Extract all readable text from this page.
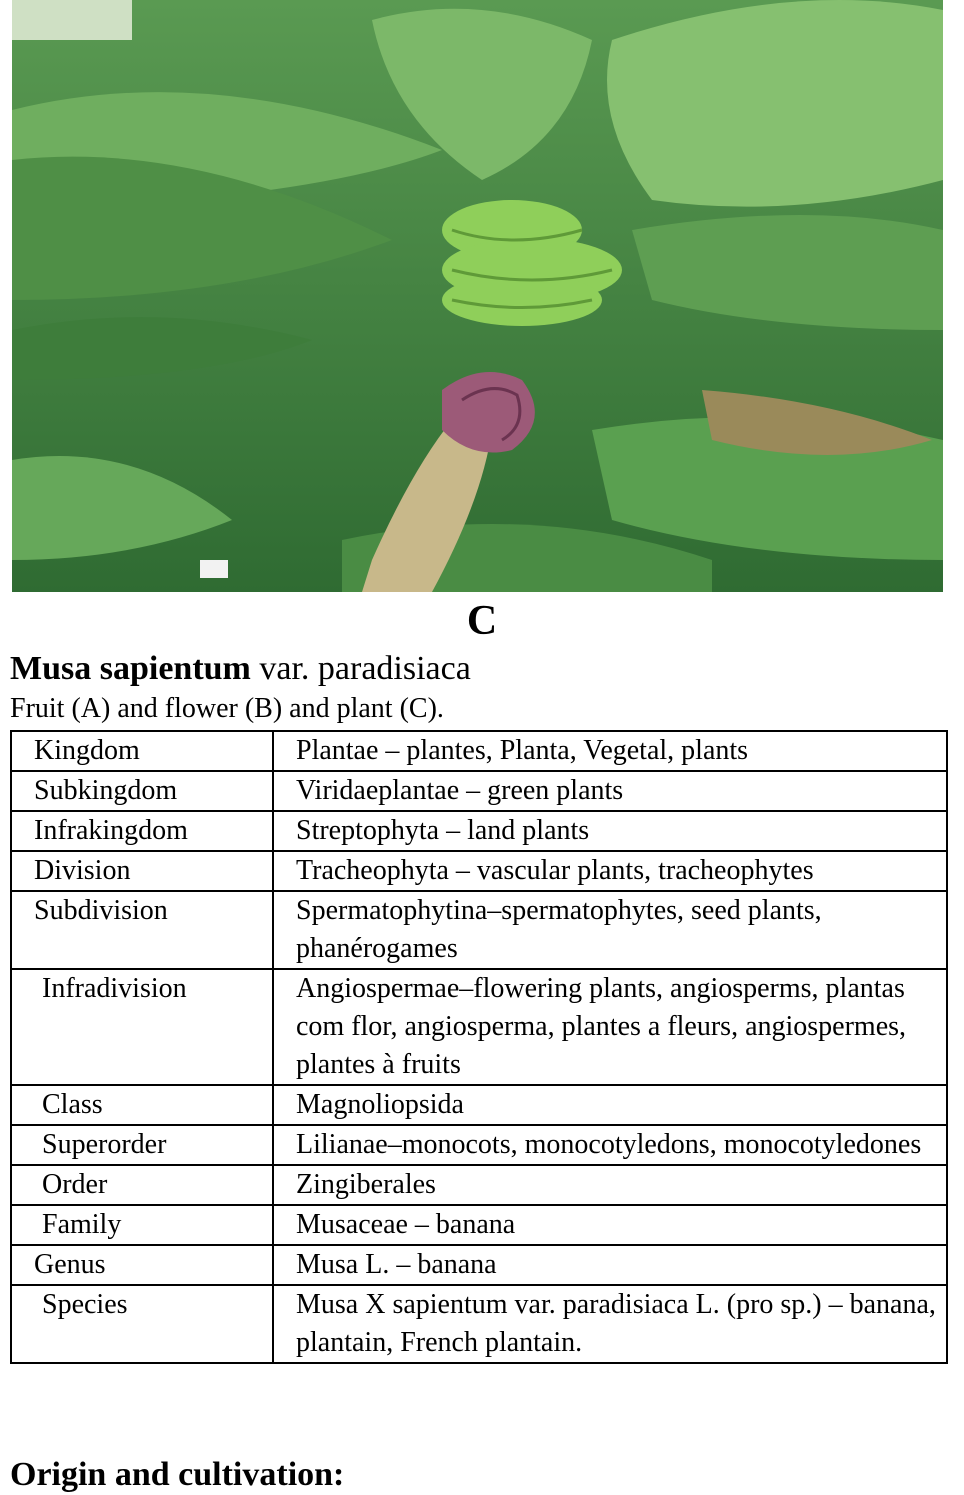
C
Musa sapientum var. paradisiaca
Fruit (A) and flower (B) and plant (C).
Kingdom	Plantae – plantes, Planta, Vegetal, plants

Subkingdom	Viridaeplantae – green plants

Infrakingdom	Streptophyta – land plants

Division	Tracheophyta – vascular plants, tracheophytes

Subdivision	Spermatophytina–spermatophytes, seed plants, phanérogames

Infradivision	Angiospermae–flowering plants, angiosperms, plantas com flor, angiosperma, plantes a fleurs, angiospermes, plantes à fruits

Class	Magnoliopsida

Superorder	Lilianae–monocots, monocotyledons, monocotyledones

Order	Zingiberales

Family	Musaceae – banana

Genus	Musa L. – banana

Species	Musa X sapientum var. paradisiaca L. (pro sp.) – banana, plantain, French plantain.
Origin and cultivation:
